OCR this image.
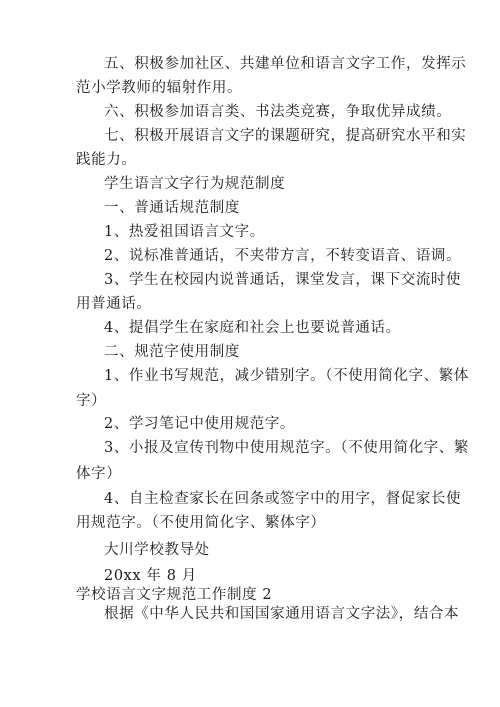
五、积极参加社区、共建单位和语言文字工作，发挥示
范小学教师的辐射作用。
六、积极参加语言类、书法类竞赛，争取优异成绩。
七、积极开展语言文字的课题研究，提高研究水平和实
践能力。
学生语言文字行为规范制度
一、普通话规范制度
1、热爱祖国语言文字。
2、说标准普通话，不夹带方言，不转变语音、语调。
3、学生在校园内说普通话，课堂发言，课下交流时使
用普通话。
4、提倡学生在家庭和社会上也要说普通话。
二、规范字使用制度
1、作业书写规范，减少错别字。（不使用简化字、繁体
字）
2、学习笔记中使用规范字。
3、小报及宣传刊物中使用规范字。（不使用简化字、繁
体字）
4、自主检查家长在回条或签字中的用字，督促家长使
用规范字。（不使用简化字、繁体字）
大川学校教导处
20xx 年 8 月
学校语言文字规范工作制度 2
根据《中华人民共和国国家通用语言文字法》，结合本
